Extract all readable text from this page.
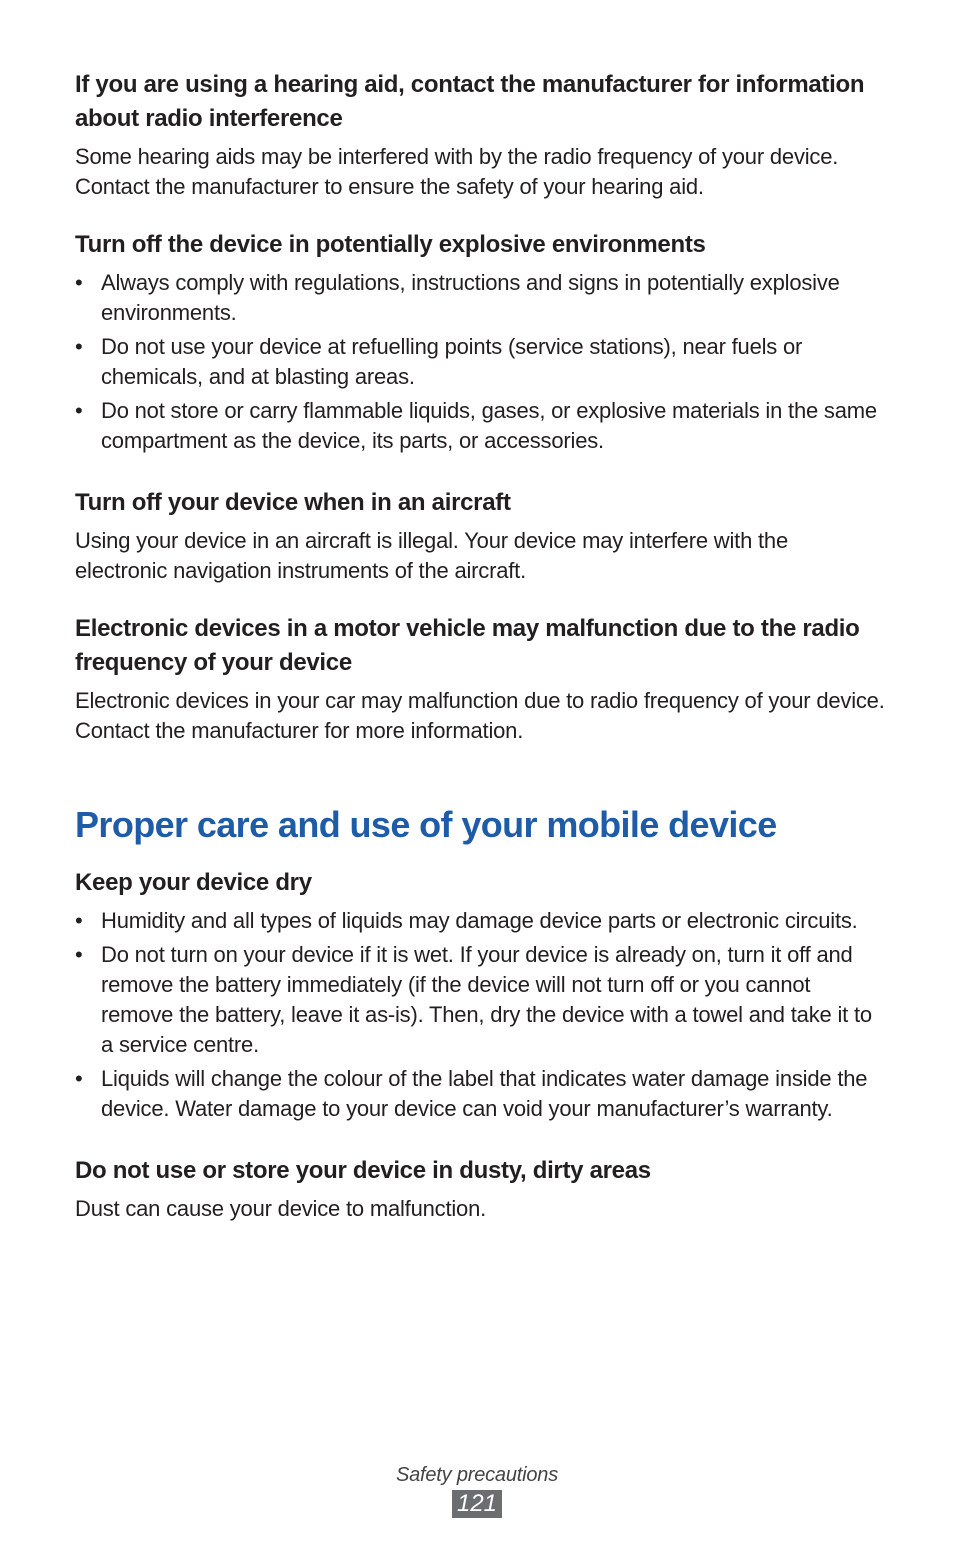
If you are using a hearing aid, contact the manufacturer for information about radio interference

Some hearing aids may be interfered with by the radio frequency of your device. Contact the manufacturer to ensure the safety of your hearing aid.

Turn off the device in potentially explosive environments
• Always comply with regulations, instructions and signs in potentially explosive environments.
• Do not use your device at refuelling points (service stations), near fuels or chemicals, and at blasting areas.
• Do not store or carry flammable liquids, gases, or explosive materials in the same compartment as the device, its parts, or accessories.
Turn off your device when in an aircraft

Using your device in an aircraft is illegal. Your device may interfere with the electronic navigation instruments of the aircraft.

Electronic devices in a motor vehicle may malfunction due to the radio frequency of your device

Electronic devices in your car may malfunction due to radio frequency of your device. Contact the manufacturer for more information.

Proper care and use of your mobile device
Keep your device dry
• Humidity and all types of liquids may damage device parts or electronic circuits.
• Do not turn on your device if it is wet. If your device is already on, turn it off and remove the battery immediately (if the device will not turn off or you cannot remove the battery, leave it as-is). Then, dry the device with a towel and take it to a service centre.
• Liquids will change the colour of the label that indicates water damage inside the device. Water damage to your device can void your manufacturer’s warranty.
Do not use or store your device in dusty, dirty areas

Dust can cause your device to malfunction.

Safety precautions
121
